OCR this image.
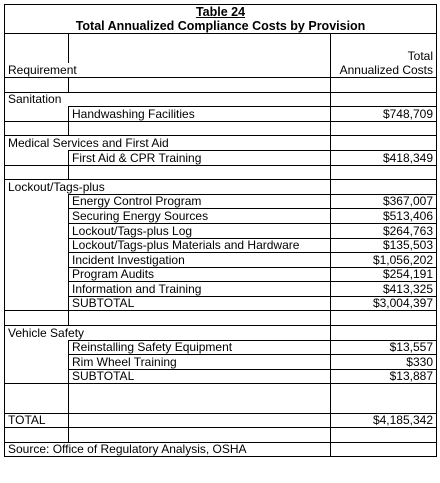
Table 24		
Total Annualized Compliance Costs by Provision		

		Total
Requirement		Annualized Costs

Sanitation		
	Handwashing Facilities	$748,709

Medical Services and First Aid		
	First Aid & CPR Training	$418,349

Lockout/Tags-plus		
	Energy Control Program	$367,007
	Securing Energy Sources	$513,406
	Lockout/Tags-plus Log	$264,763
	Lockout/Tags-plus Materials and Hardware	$135,503
	Incident Investigation	$1,056,202
	Program Audits	$254,191
	Information and Training	$413,325
	SUBTOTAL	$3,004,397

Vehicle Safety		
	Reinstalling Safety Equipment	$13,557
	Rim Wheel Training	$330
	SUBTOTAL	$13,887

TOTAL		$4,185,342

Source: Office of Regulatory Analysis, OSHA		
